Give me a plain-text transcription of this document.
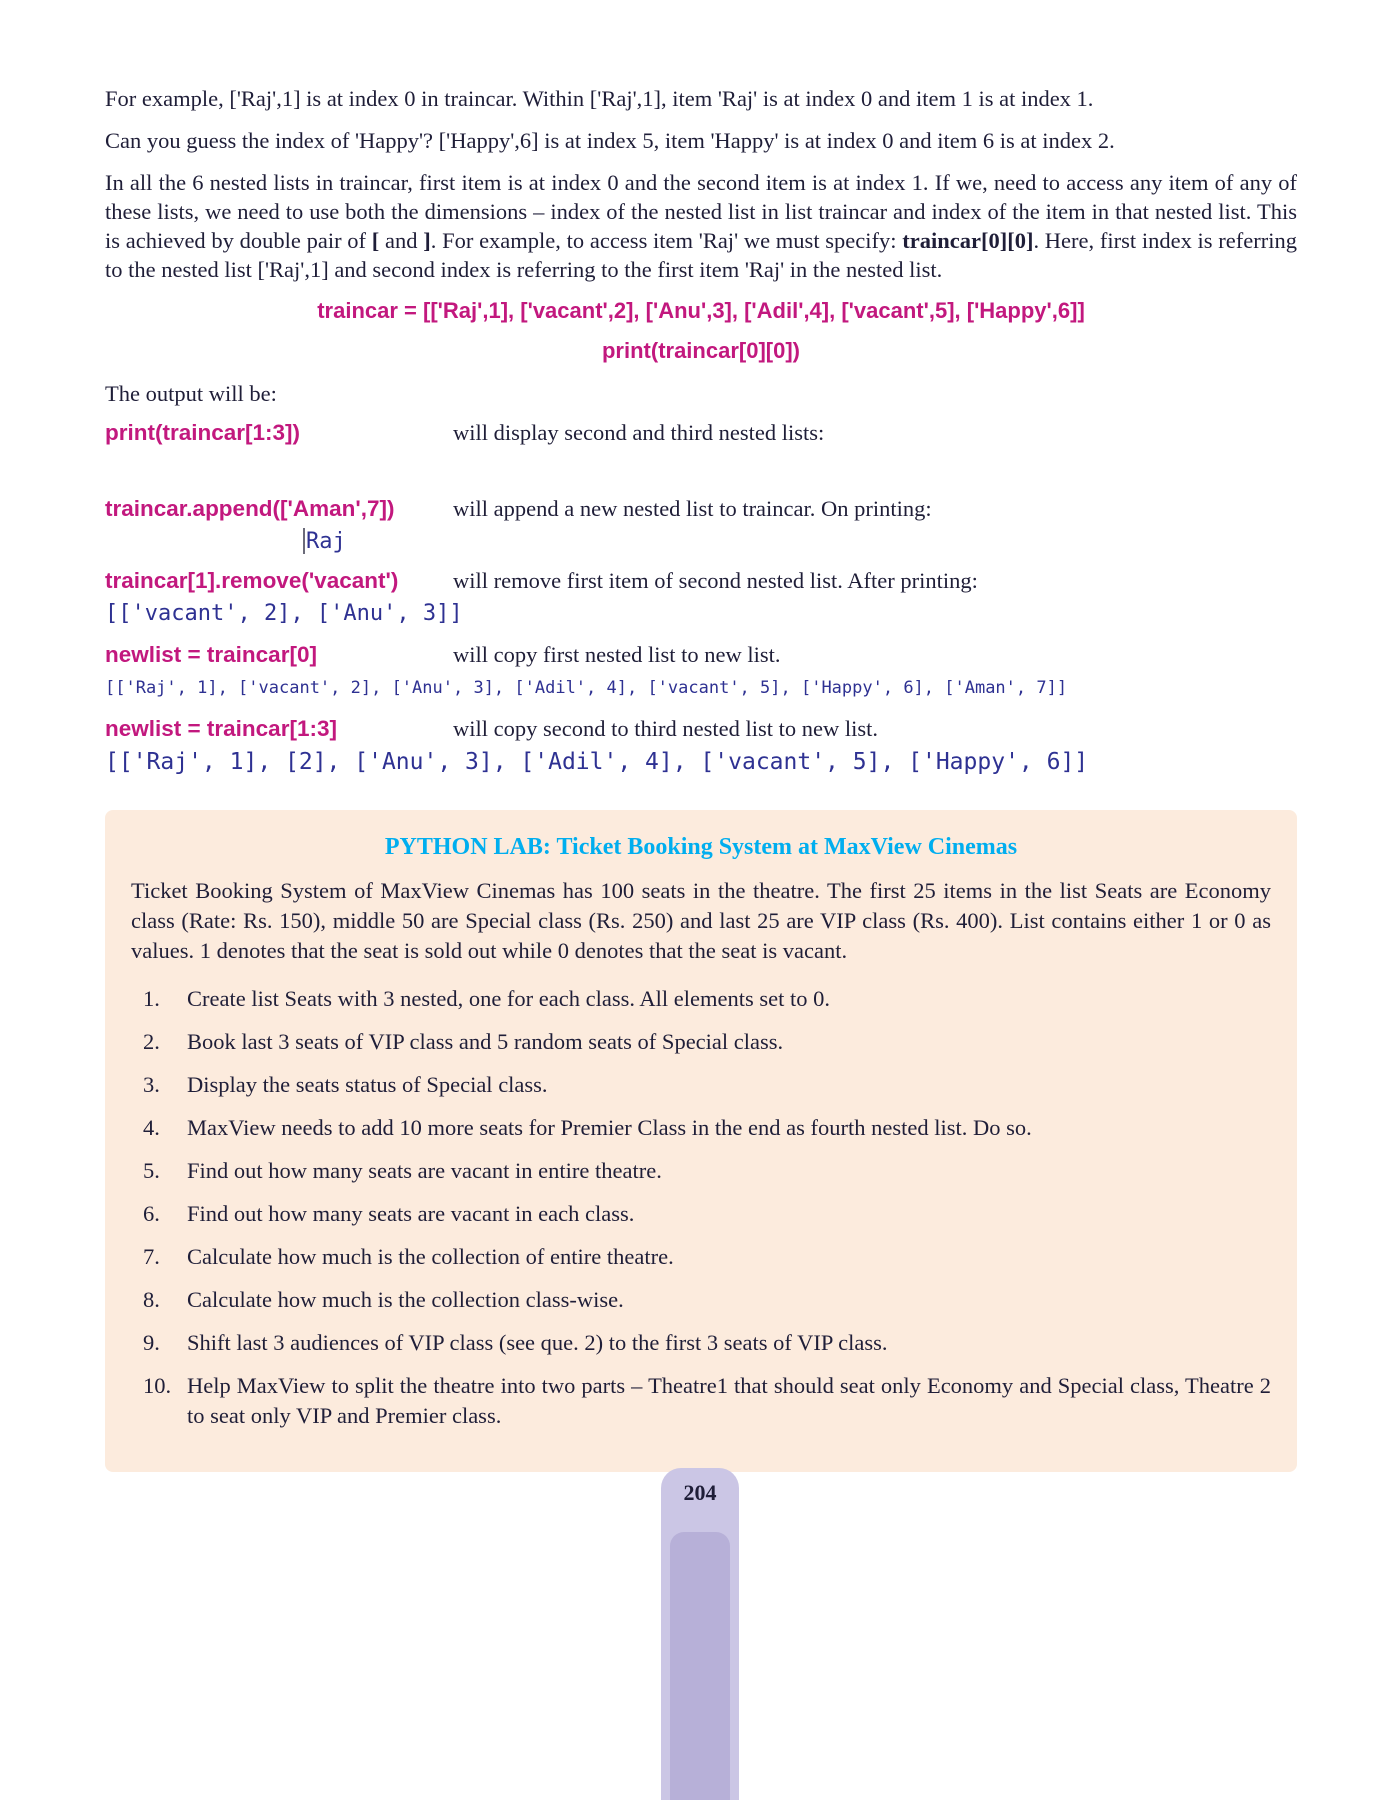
For example, ['Raj',1] is at index 0 in traincar. Within ['Raj',1], item 'Raj' is at index 0 and item 1 is at index 1.

Can you guess the index of 'Happy'? ['Happy',6] is at index 5, item 'Happy' is at index 0 and item 6 is at index 2.

In all the 6 nested lists in traincar, first item is at index 0 and the second item is at index 1. If we, need to access any item of any of these lists, we need to use both the dimensions – index of the nested list in list traincar and index of the item in that nested list. This is achieved by double pair of [ and ]. For example, to access item 'Raj' we must specify: traincar[0][0]. Here, first index is referring to the nested list ['Raj',1] and second index is referring to the first item 'Raj' in the nested list.

traincar = [['Raj',1], ['vacant',2], ['Anu',3], ['Adil',4], ['vacant',5], ['Happy',6]]
print(traincar[0][0])

The output will be:

print(traincar[1:3])	will display second and third nested lists:
traincar.append(['Aman',7])	will append a new nested list to traincar. On printing:
Raj
traincar[1].remove('vacant')	will remove first item of second nested list. After printing:
[['vacant', 2], ['Anu', 3]]
newlist = traincar[0]	will copy first nested list to new list.
[['Raj', 1], ['vacant', 2], ['Anu', 3], ['Adil', 4], ['vacant', 5], ['Happy', 6], ['Aman', 7]]
newlist = traincar[1:3]	will copy second to third nested list to new list.
[['Raj', 1], [2], ['Anu', 3], ['Adil', 4], ['vacant', 5], ['Happy', 6]]
PYTHON LAB: Ticket Booking System at MaxView Cinemas

Ticket Booking System of MaxView Cinemas has 100 seats in the theatre. The first 25 items in the list Seats are Economy class (Rate: Rs. 150), middle 50 are Special class (Rs. 250) and last 25 are VIP class (Rs. 400). List contains either 1 or 0 as values. 1 denotes that the seat is sold out while 0 denotes that the seat is vacant.

1.	Create list Seats with 3 nested, one for each class. All elements set to 0.
2.	Book last 3 seats of VIP class and 5 random seats of Special class.
3.	Display the seats status of Special class.
4.	MaxView needs to add 10 more seats for Premier Class in the end as fourth nested list. Do so.
5.	Find out how many seats are vacant in entire theatre.
6.	Find out how many seats are vacant in each class.
7.	Calculate how much is the collection of entire theatre.
8.	Calculate how much is the collection class-wise.
9.	Shift last 3 audiences of VIP class (see que. 2) to the first 3 seats of VIP class.
10. Help MaxView to split the theatre into two parts – Theatre1 that should seat only Economy and Special class, Theatre 2 to seat only VIP and Premier class.
204
